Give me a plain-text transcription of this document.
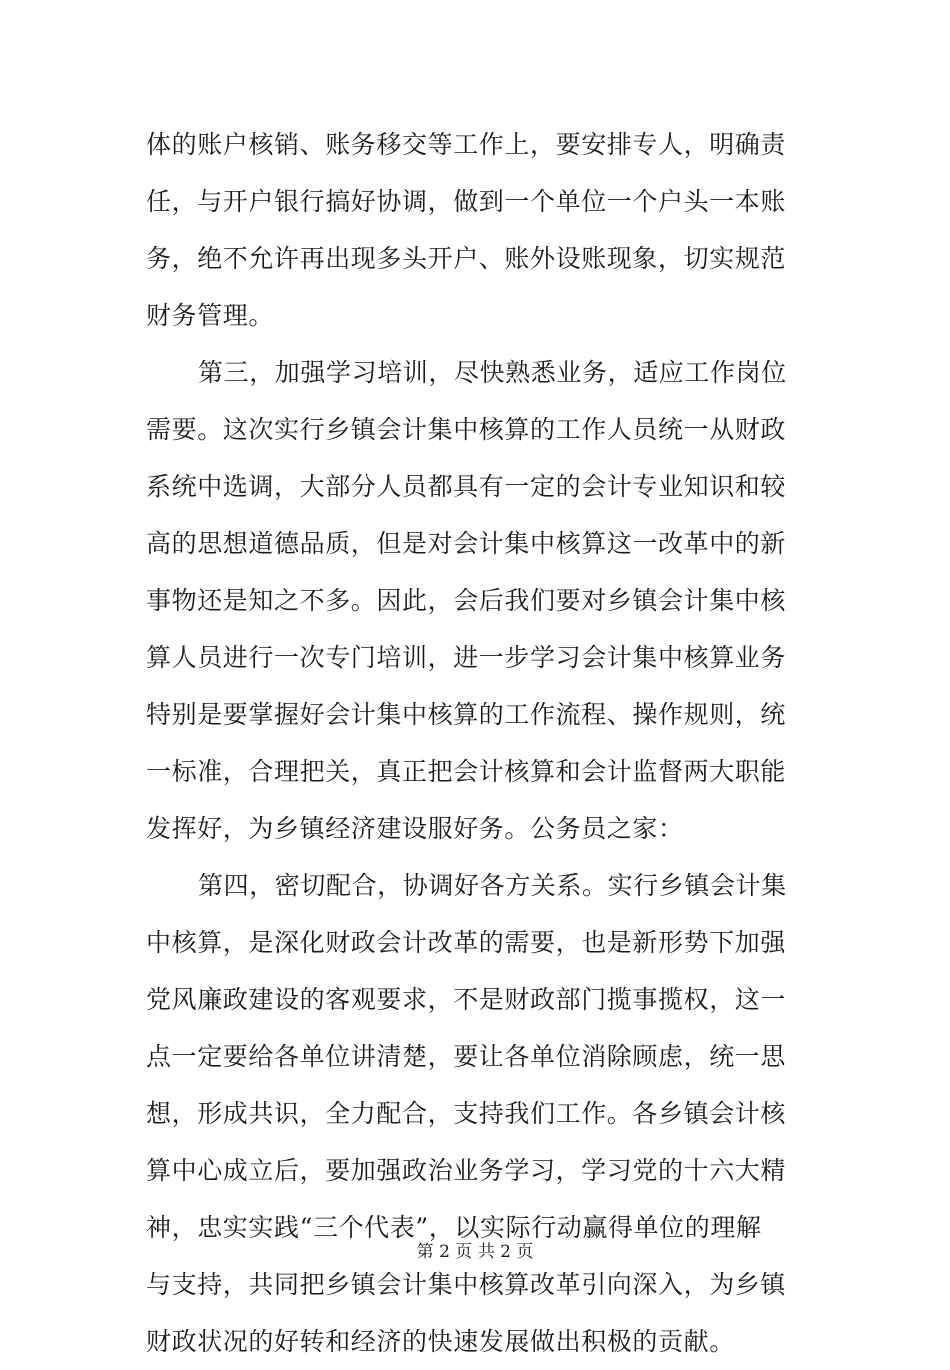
体的账户核销、账务移交等工作上，要安排专人，明确责
任，与开户银行搞好协调，做到一个单位一个户头一本账
务，绝不允许再出现多头开户、账外设账现象，切实规范
财务管理。
第三，加强学习培训，尽快熟悉业务，适应工作岗位
需要。这次实行乡镇会计集中核算的工作人员统一从财政
系统中选调，大部分人员都具有一定的会计专业知识和较
高的思想道德品质，但是对会计集中核算这一改革中的新
事物还是知之不多。因此，会后我们要对乡镇会计集中核
算人员进行一次专门培训，进一步学习会计集中核算业务
特别是要掌握好会计集中核算的工作流程、操作规则，统
一标准，合理把关，真正把会计核算和会计监督两大职能
发挥好，为乡镇经济建设服好务。公务员之家：
第四，密切配合，协调好各方关系。实行乡镇会计集
中核算，是深化财政会计改革的需要，也是新形势下加强
党风廉政建设的客观要求，不是财政部门揽事揽权，这一
点一定要给各单位讲清楚，要让各单位消除顾虑，统一思
想，形成共识，全力配合，支持我们工作。各乡镇会计核
算中心成立后，要加强政治业务学习，学习党的十六大精
神，忠实实践“三个代表”，以实际行动赢得单位的理解
与支持，共同把乡镇会计集中核算改革引向深入，为乡镇
财政状况的好转和经济的快速发展做出积极的贡献。
第 2 页 共 2 页
